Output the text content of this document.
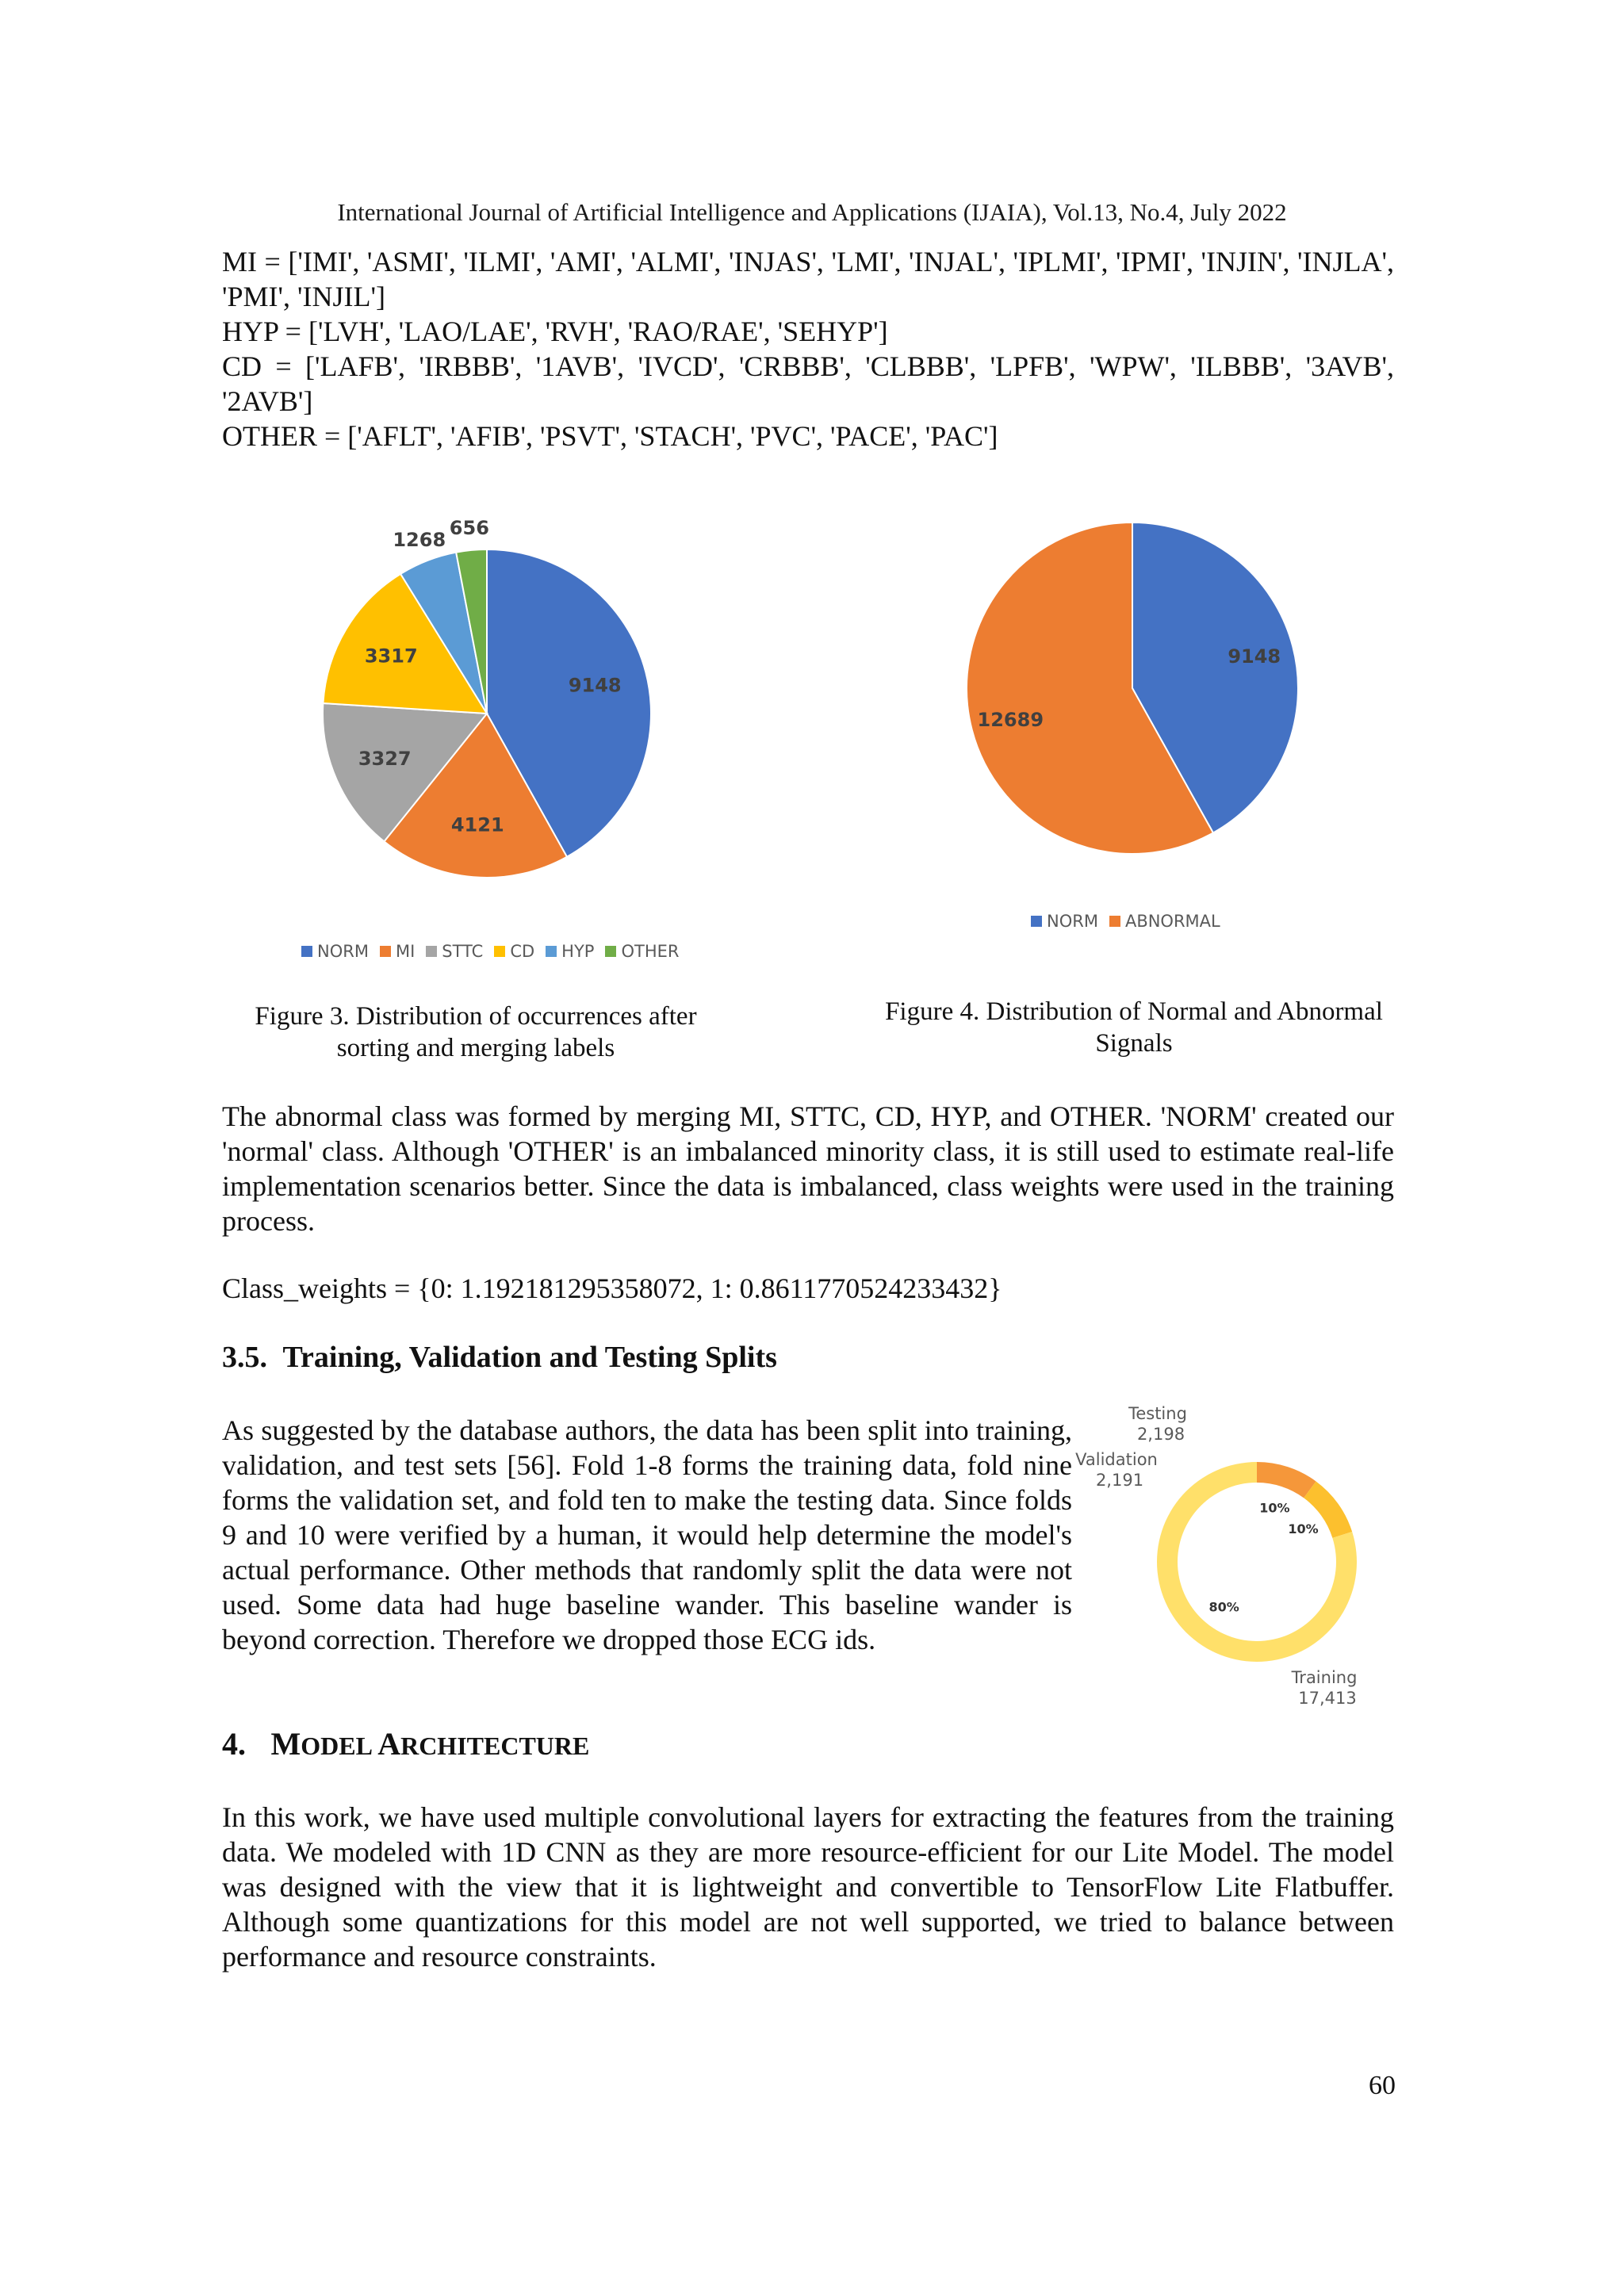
International Journal of Artificial Intelligence and Applications (IJAIA), Vol.13, No.4, July 2022
MI = ['IMI', 'ASMI', 'ILMI', 'AMI', 'ALMI', 'INJAS', 'LMI', 'INJAL', 'IPLMI', 'IPMI', 'INJIN', 'INJLA', 'PMI', 'INJIL']
HYP = ['LVH', 'LAO/LAE', 'RVH', 'RAO/RAE', 'SEHYP']
CD = ['LAFB', 'IRBBB', '1AVB', 'IVCD', 'CRBBB', 'CLBBB', 'LPFB', 'WPW', 'ILBBB', '3AVB', '2AVB']
OTHER = ['AFLT', 'AFIB', 'PSVT', 'STACH', 'PVC', 'PACE', 'PAC']
9148
4121
3327
3317
1268
656
NORM MI STTC CD HYP OTHER
Figure 3. Distribution of occurrences after
sorting and merging labels
9148
12689
NORM ABNORMAL
Figure 4. Distribution of Normal and Abnormal
Signals
The abnormal class was formed by merging MI, STTC, CD, HYP, and OTHER. 'NORM' created our 'normal' class. Although 'OTHER' is an imbalanced minority class, it is still used to estimate real-life implementation scenarios better. Since the data is imbalanced, class weights were used in the training process.
Class_weights = {0: 1.192181295358072, 1: 0.8611770524233432}
3.5. Training, Validation and Testing Splits
As suggested by the database authors, the data has been split into training, validation, and test sets [56]. Fold 1-8 forms the training data, fold nine forms the validation set, and fold ten to make the testing data. Since folds 9 and 10 were verified by a human, it would help determine the model's actual performance. Other methods that randomly split the data were not used. Some data had huge baseline wander. This baseline wander is beyond correction. Therefore we dropped those ECG ids.
10%
Testing
2,198
10%
Validation
2,191
80%
Training
17,413
4. MODEL ARCHITECTURE
In this work, we have used multiple convolutional layers for extracting the features from the training data. We modeled with 1D CNN as they are more resource-efficient for our Lite Model. The model was designed with the view that it is lightweight and convertible to TensorFlow Lite Flatbuffer. Although some quantizations for this model are not well supported, we tried to balance between performance and resource constraints.
60
